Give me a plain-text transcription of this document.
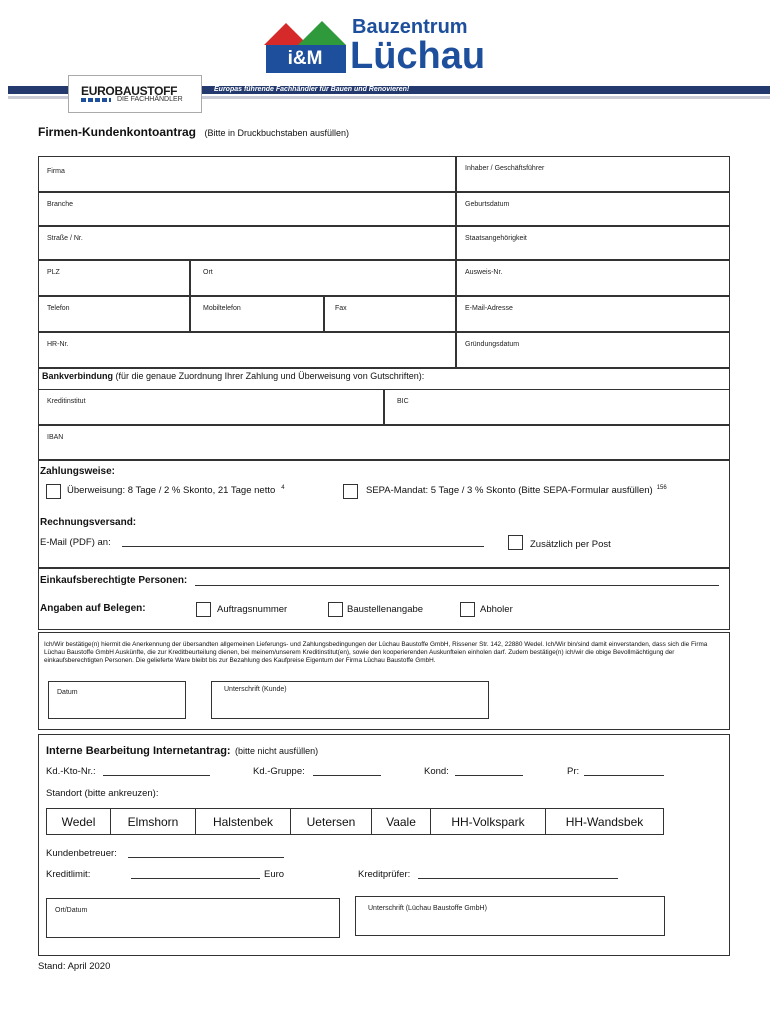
i&M
Bauzentrum
Lüchau
Europas führende Fachhändler für Bauen und Renovieren!
EUROBAUSTOFF
DIE FACHHÄNDLER
Firmen-Kundenkontoantrag (Bitte in Druckbuchstaben ausfüllen)
Firma	Inhaber / Geschäftsführer
Branche	Geburtsdatum
Straße / Nr.	Staatsangehörigkeit
PLZ	Ort	Ausweis-Nr.
Telefon	Mobiltelefon	Fax	E-Mail-Adresse
HR-Nr.	Gründungsdatum
Bankverbindung (für die genaue Zuordnung Ihrer Zahlung und Überweisung von Gutschriften):
Kreditinstitut	BIC
IBAN
Zahlungsweise:
Überweisung: 8 Tage / 2 % Skonto, 21 Tage netto $^4$	SEPA-Mandat: 5 Tage / 3 % Skonto (Bitte SEPA-Formular ausfüllen) $^{156}$
Rechnungsversand:
E-Mail (PDF) an:	Zusätzlich per Post
Einkaufsberechtigte Personen:
Angaben auf Belegen:	Auftragsnummer	Baustellenangabe	Abholer
Ich/Wir bestätige(n) hiermit die Anerkennung der übersandten allgemeinen Lieferungs- und Zahlungsbedingungen der Lüchau Baustoffe GmbH, Rissener Str. 142, 22880 Wedel. Ich/Wir bin/sind damit einverstanden, dass sich die Firma Lüchau Baustoffe GmbH Auskünfte, die zur Kreditbeurteilung dienen, bei meinem/unserem Kreditinstitut(en), sowie den kooperierenden Auskunfteien einholen darf. Zudem bestätige(n) ich/wir die obige Bevollmächtigung der einkaufsberechtigten Personen. Die gelieferte Ware bleibt bis zur Bezahlung des Kaufpreise Eigentum der Firma Lüchau Baustoffe GmbH.
Datum	Unterschrift (Kunde)
Interne Bearbeitung Internetantrag: (bitte nicht ausfüllen)
Kd.-Kto-Nr.:	Kd.-Gruppe:	Kond:	Pr:
Standort (bitte ankreuzen):
Wedel	Elmshorn	Halstenbek	Uetersen	Vaale	HH-Volkspark	HH-Wandsbek
Kundenbetreuer:
Kreditlimit:	Euro	Kreditprüfer:
Ort/Datum	Unterschrift (Lüchau Baustoffe GmbH)
Stand: April 2020
